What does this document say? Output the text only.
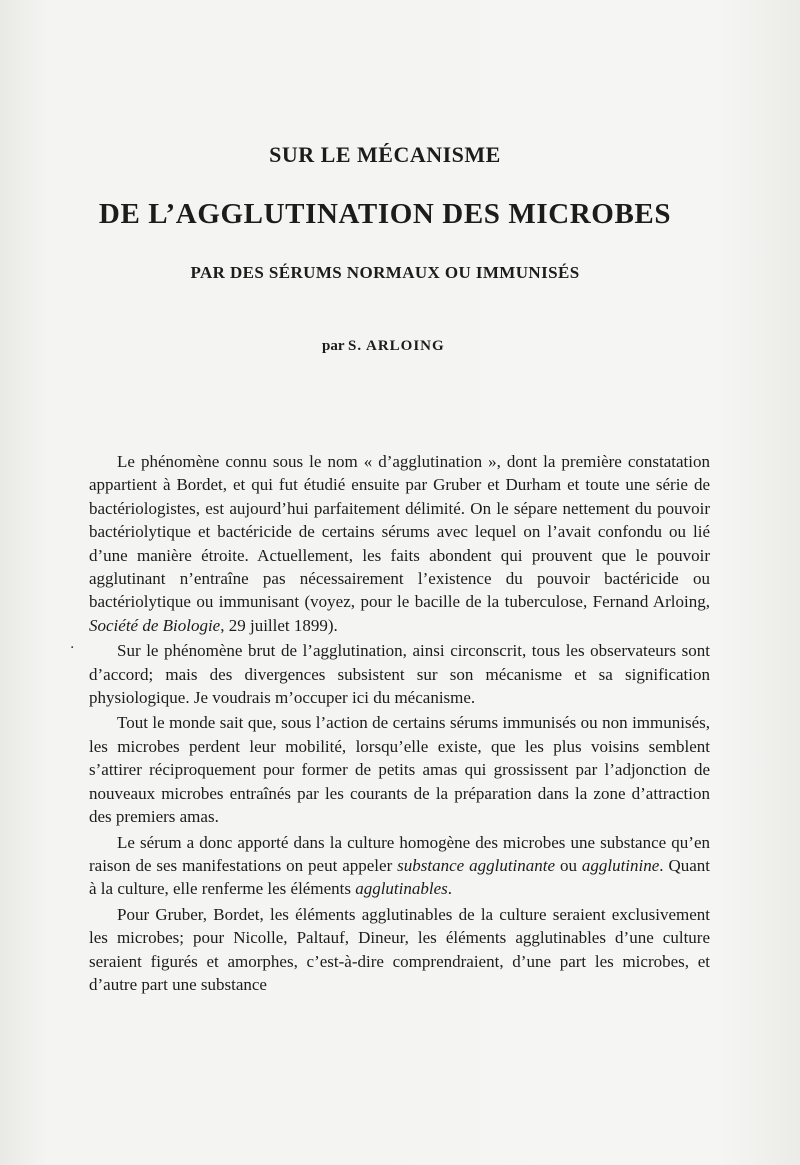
SUR LE MÉCANISME
DE L’AGGLUTINATION DES MICROBES
PAR DES SÉRUMS NORMAUX OU IMMUNISÉS
par S. ARLOING
·

Le phénomène connu sous le nom « d’agglutination », dont la première constatation appartient à Bordet, et qui fut étudié ensuite par Gruber et Durham et toute une série de bactériologistes, est aujourd’hui parfaitement délimité. On le sépare nettement du pouvoir bactériolytique et bactéricide de certains sérums avec lequel on l’avait confondu ou lié d’une manière étroite. Actuellement, les faits abondent qui prouvent que le pouvoir agglutinant n’entraîne pas nécessairement l’existence du pouvoir bactéricide ou bactériolytique ou immunisant (voyez, pour le bacille de la tuberculose, Fernand Arloing, Société de Biologie, 29 juillet 1899).

Sur le phénomène brut de l’agglutination, ainsi circonscrit, tous les observateurs sont d’accord; mais des divergences subsistent sur son mécanisme et sa signification physiologique. Je voudrais m’occuper ici du mécanisme.

Tout le monde sait que, sous l’action de certains sérums immunisés ou non immunisés, les microbes perdent leur mobilité, lorsqu’elle existe, que les plus voisins semblent s’attirer réciproquement pour former de petits amas qui grossissent par l’adjonction de nouveaux microbes entraînés par les courants de la préparation dans la zone d’attraction des premiers amas.

Le sérum a donc apporté dans la culture homogène des microbes une substance qu’en raison de ses manifestations on peut appeler substance agglutinante ou agglutinine. Quant à la culture, elle renferme les éléments agglutinables.

Pour Gruber, Bordet, les éléments agglutinables de la culture seraient exclusivement les microbes; pour Nicolle, Paltauf, Dineur, les éléments agglutinables d’une culture seraient figurés et amorphes, c’est-à-dire comprendraient, d’une part les microbes, et d’autre part une substance
